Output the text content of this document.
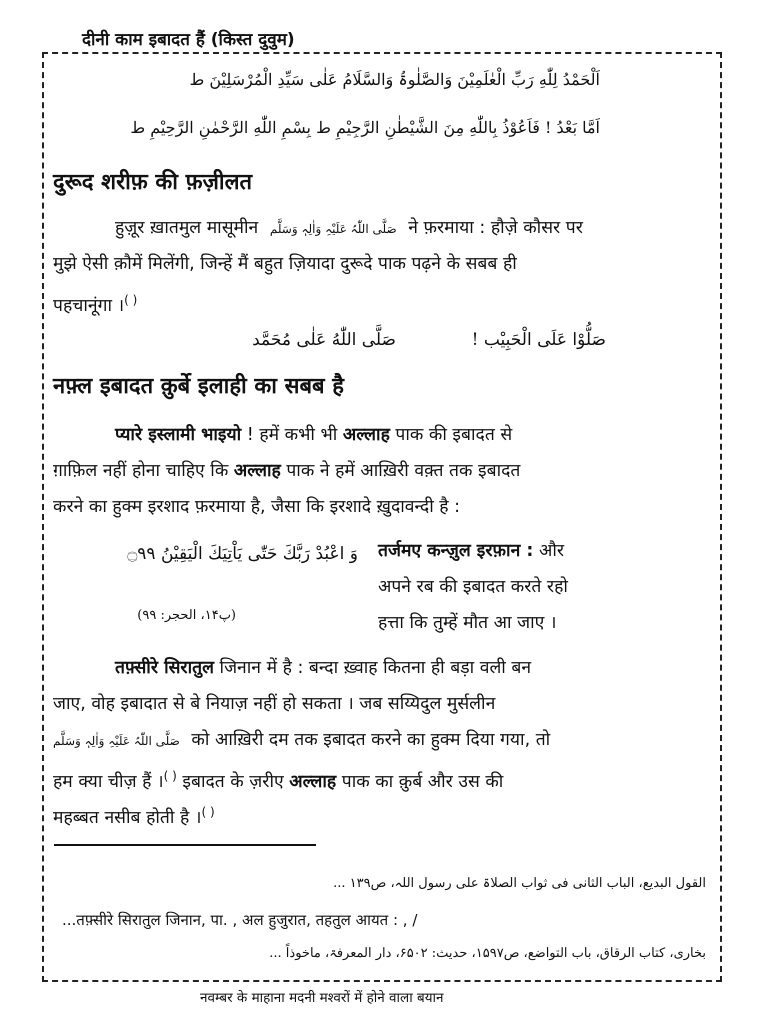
दीनी काम इबादत हैं (किस्त दुवुम)
اَلْحَمْدُ لِلّٰهِ رَبِّ الْعٰلَمِیْنَ وَالصَّلٰوۃُ وَالسَّلَامُ عَلٰی سَیِّدِ الْمُرْسَلِیْنَ ط
اَمَّا بَعْدُ ! فَاَعُوْذُ بِاللّٰهِ مِنَ الشَّیْطٰنِ الرَّجِیْمِ ط بِسْمِ اللّٰهِ الرَّحْمٰنِ الرَّحِیْمِ ط
दुरूद शरीफ़ की फ़ज़ीलत
हुज़ूर ख़ातमुल मासूमीन صَلَّی اللّٰہُ عَلَیْہِ وَاٰلِہٖ وَسَلَّم ने फ़रमाया : हौज़े कौसर पर
मुझे ऐसी क़ौमें मिलेंगी, जिन्हें मैं बहुत ज़ियादा दुरूदे पाक पढ़ने के सबब ही
पहचानूंगा ।( )
صَلَّی اللّٰهُ عَلٰی مُحَمَّد	صَلُّوْا عَلَی الْحَبِیْب !
नफ़्ल इबादत क़ुर्बे इलाही का सबब है
प्यारे इस्लामी भाइयो ! हमें कभी भी अल्लाह पाक की इबादत से
ग़ाफ़िल नहीं होना चाहिए कि अल्लाह पाक ने हमें आख़िरी वक़्त तक इबादत
करने का हुक्म इरशाद फ़रमाया है, जैसा कि इरशादे ख़ुदावन्दी है :
وَ اعْبُدْ رَبَّكَ حَتّٰى یَاْتِیَكَ الْیَقِیْنُ ۝۹۹
(پ۱۴، الحجر: ۹۹)
तर्जमए कन्ज़ुल इरफ़ान : और
अपने रब की इबादत करते रहो
हत्ता कि तुम्हें मौत आ जाए ।
तफ़्सीरे सिरातुल जिनान में है : बन्दा ख़्वाह कितना ही बड़ा वली बन
जाए, वोह इबादात से बे नियाज़ नहीं हो सकता । जब सय्यिदुल मुर्सलीन
صَلَّی اللّٰہُ عَلَیْہِ وَاٰلِہٖ وَسَلَّم को आख़िरी दम तक इबादत करने का हुक्म दिया गया, तो
हम क्या चीज़ हैं ।( ) इबादत के ज़रीए अल्लाह पाक का क़ुर्ब और उस की
महब्बत नसीब होती है ।( )
القول البدیع، الباب الثانی فی ثواب الصلاۃ علی رسول اللہ، ص۱۳۹ ...
...तफ़्सीरे सिरातुल जिनान, पा. , अल हुजुरात, तहतुल आयत : , /
بخاری، کتاب الرقاق، باب التواضع، ص۱۵۹۷، حدیث: ۶۵۰۲، دار المعرفۃ، ماخوذاً ...
नवम्बर के माहाना मदनी मश्वरों में होने वाला बयान
